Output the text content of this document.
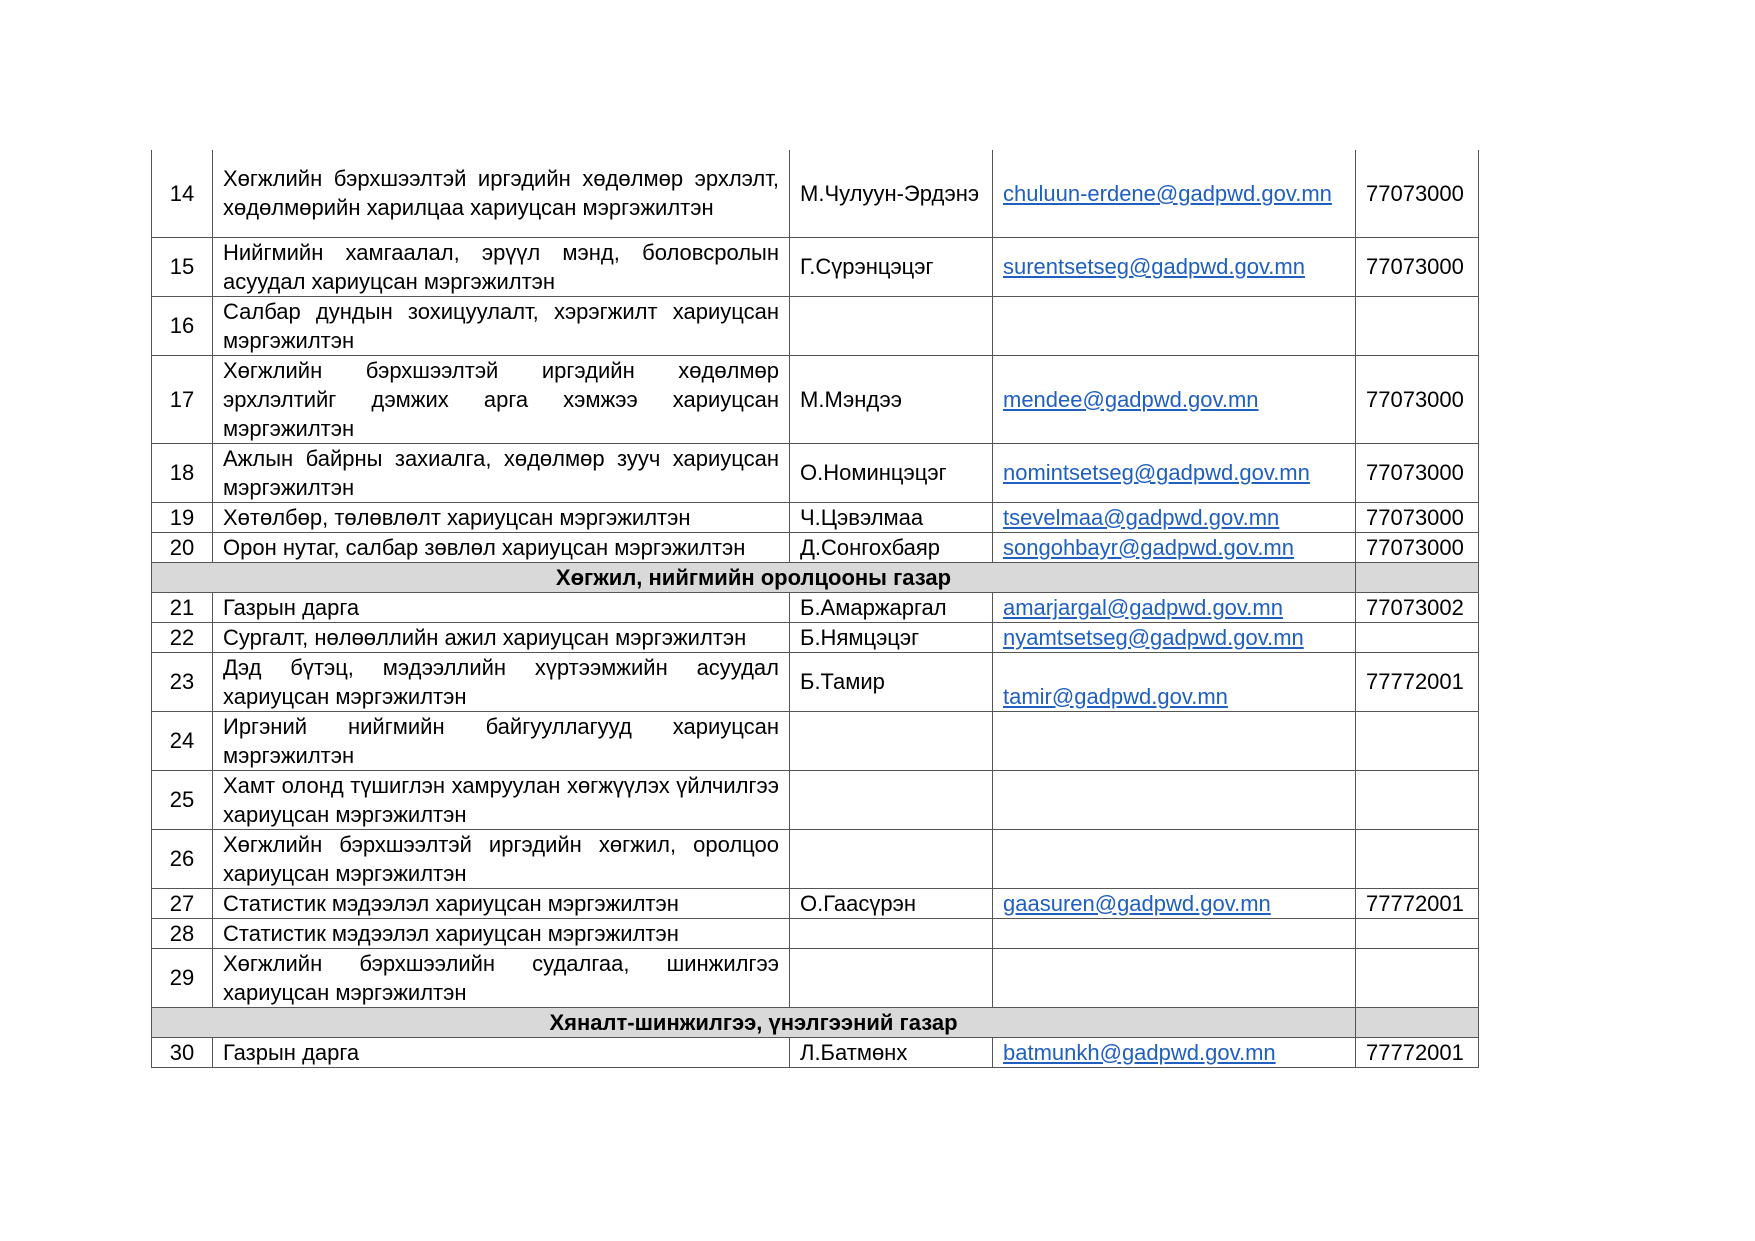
14	Хөгжлийн бэрхшээлтэй иргэдийн хөдөлмөр эрхлэлт, хөдөлмөрийн харилцаа хариуцсан мэргэжилтэн	М.Чулуун-Эрдэнэ	chuluun-erdene@gadpwd.gov.mn	77073000
15	Нийгмийн хамгаалал, эрүүл мэнд, боловсролын асуудал хариуцсан мэргэжилтэн	Г.Сүрэнцэцэг	surentsetseg@gadpwd.gov.mn	77073000
16	Салбар дундын зохицуулалт, хэрэгжилт хариуцсан мэргэжилтэн			
17	Хөгжлийн бэрхшээлтэй иргэдийн хөдөлмөр эрхлэлтийг дэмжих арга хэмжээ хариуцсан мэргэжилтэн	М.Мэндээ	mendee@gadpwd.gov.mn	77073000
18	Ажлын байрны захиалга, хөдөлмөр зууч хариуцсан мэргэжилтэн	О.Номинцэцэг	nomintsetseg@gadpwd.gov.mn	77073000
19	Хөтөлбөр, төлөвлөлт хариуцсан мэргэжилтэн	Ч.Цэвэлмаа	tsevelmaa@gadpwd.gov.mn	77073000
20	Орон нутаг, салбар зөвлөл хариуцсан мэргэжилтэн	Д.Сонгохбаяр	songohbayr@gadpwd.gov.mn	77073000
Хөгжил, нийгмийн оролцооны газар				
21	Газрын дарга	Б.Амаржаргал	amarjargal@gadpwd.gov.mn	77073002
22	Сургалт, нөлөөллийн ажил хариуцсан мэргэжилтэн	Б.Нямцэцэг	nyamtsetseg@gadpwd.gov.mn	
23	Дэд бүтэц, мэдээллийн хүртээмжийн асуудал хариуцсан мэргэжилтэн	Б.Тамир	tamir@gadpwd.gov.mn	77772001
24	Иргэний нийгмийн байгууллагууд хариуцсан мэргэжилтэн			
25	Хамт олонд түшиглэн хамруулан хөгжүүлэх үйлчилгээ хариуцсан мэргэжилтэн			
26	Хөгжлийн бэрхшээлтэй иргэдийн хөгжил, оролцоо хариуцсан мэргэжилтэн			
27	Статистик мэдээлэл хариуцсан мэргэжилтэн	О.Гаасүрэн	gaasuren@gadpwd.gov.mn	77772001
28	Статистик мэдээлэл хариуцсан мэргэжилтэн			
29	Хөгжлийн бэрхшээлийн судалгаа, шинжилгээ хариуцсан мэргэжилтэн			
Хяналт-шинжилгээ, үнэлгээний газар				
30	Газрын дарга	Л.Батмөнх	batmunkh@gadpwd.gov.mn	77772001
